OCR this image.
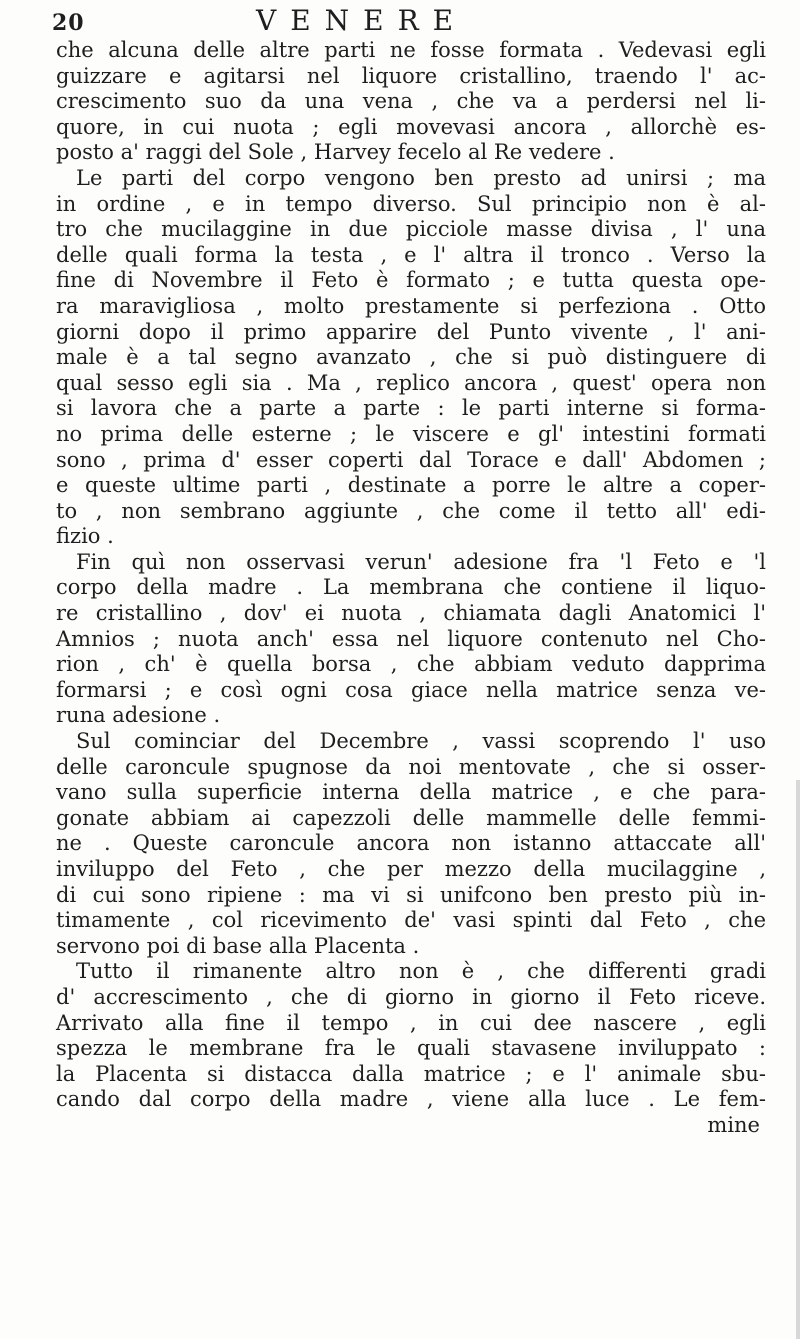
20	VENERE
che alcuna delle altre parti ne fosse formata . Vedevasi egli
guizzare e agitarsi nel liquore cristallino, traendo l' ac-
crescimento suo da una vena , che va a perdersi nel li-
quore, in cui nuota ; egli movevasi ancora , allorchè es-
posto a' raggi del Sole , Harvey fecelo al Re vedere .
Le parti del corpo vengono ben presto ad unirsi ; ma
in ordine , e in tempo diverso. Sul principio non è al-
tro che mucilaggine in due picciole masse divisa , l' una
delle quali forma la testa , e l' altra il tronco . Verso la
fine di Novembre il Feto è formato ; e tutta questa ope-
ra maravigliosa , molto prestamente si perfeziona . Otto
giorni dopo il primo apparire del Punto vivente , l' ani-
male è a tal segno avanzato , che si può distinguere di
qual sesso egli sia . Ma , replico ancora , quest' opera non
si lavora che a parte a parte : le parti interne si forma-
no prima delle esterne ; le viscere e gl' intestini formati
sono , prima d' esser coperti dal Torace e dall' Abdomen ;
e queste ultime parti , destinate a porre le altre a coper-
to , non sembrano aggiunte , che come il tetto all' edi-
fizio .
Fin quì non osservasi verun' adesione fra 'l Feto e 'l
corpo della madre . La membrana che contiene il liquo-
re cristallino , dov' ei nuota , chiamata dagli Anatomici l'
Amnios ; nuota anch' essa nel liquore contenuto nel Cho-
rion , ch' è quella borsa , che abbiam veduto dapprima
formarsi ; e così ogni cosa giace nella matrice senza ve-
runa adesione .
Sul cominciar del Decembre , vassi scoprendo l' uso
delle caroncule spugnose da noi mentovate , che si osser-
vano sulla superficie interna della matrice , e che para-
gonate abbiam ai capezzoli delle mammelle delle femmi-
ne . Queste caroncule ancora non istanno attaccate all'
inviluppo del Feto , che per mezzo della mucilaggine ,
di cui sono ripiene : ma vi si unifcono ben presto più in-
timamente , col ricevimento de' vasi spinti dal Feto , che
servono poi di base alla Placenta .
Tutto il rimanente altro non è , che differenti gradi
d' accrescimento , che di giorno in giorno il Feto riceve.
Arrivato alla fine il tempo , in cui dee nascere , egli
spezza le membrane fra le quali stavasene inviluppato :
la Placenta si distacca dalla matrice ; e l' animale sbu-
cando dal corpo della madre , viene alla luce . Le fem-
mine
